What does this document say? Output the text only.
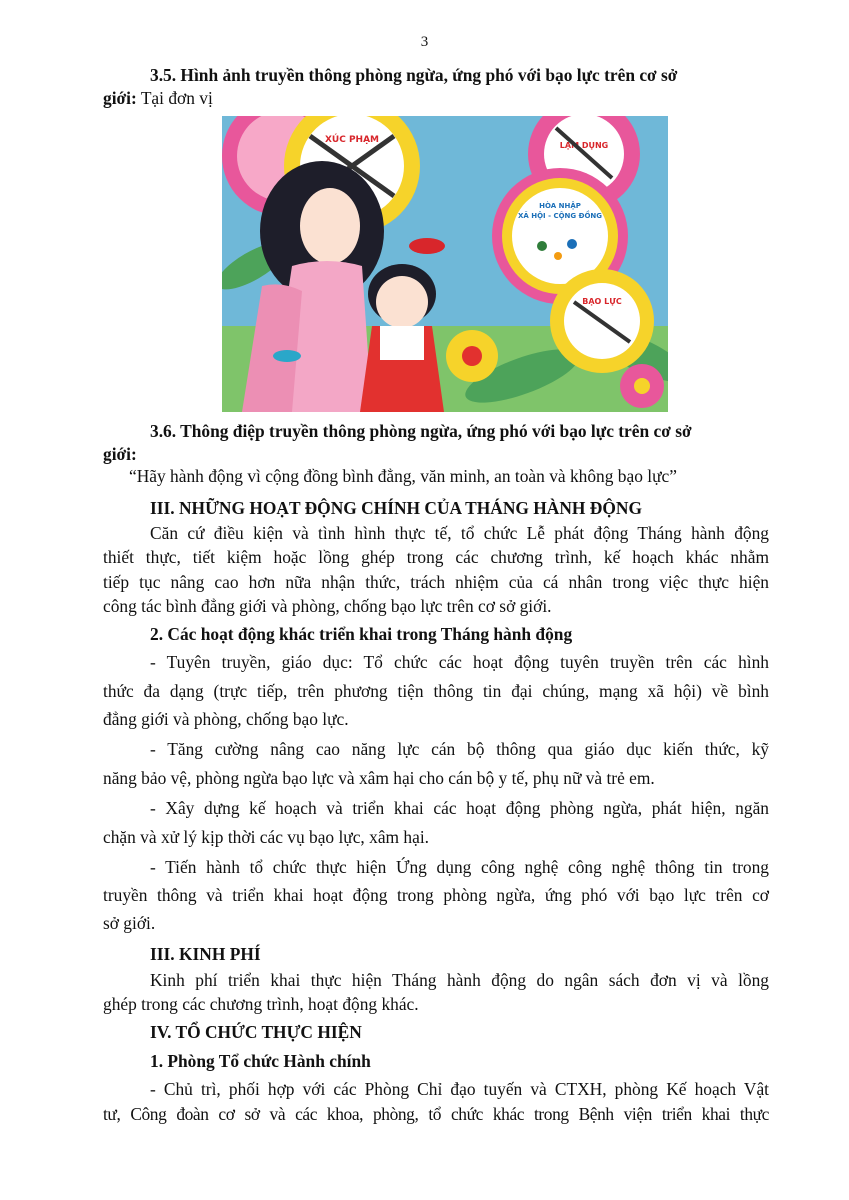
3
3.5. Hình ảnh truyền thông phòng ngừa, ứng phó với bạo lực trên cơ sở
giới: Tại đơn vị
XÚC PHẠM
LẠM DỤNG
HÒA NHẬP
XÃ HỘI - CỘNG ĐỒNG
BẠO LỰC
3.6. Thông điệp truyền thông phòng ngừa, ứng phó với bạo lực trên cơ sở
giới:
“Hãy hành động vì cộng đồng bình đẳng, văn minh, an toàn và không bạo lực”
III. NHỮNG HOẠT ĐỘNG CHÍNH CỦA THÁNG HÀNH ĐỘNG
Căn cứ điều kiện và tình hình thực tế, tổ chức Lễ phát động Tháng hành động
thiết thực, tiết kiệm hoặc lồng ghép trong các chương trình, kế hoạch khác nhằm
tiếp tục nâng cao hơn nữa nhận thức, trách nhiệm của cá nhân trong việc thực hiện
công tác bình đẳng giới và phòng, chống bạo lực trên cơ sở giới.
2. Các hoạt động khác triển khai trong Tháng hành động
- Tuyên truyền, giáo dục: Tổ chức các hoạt động tuyên truyền trên các hình
thức đa dạng (trực tiếp, trên phương tiện thông tin đại chúng, mạng xã hội) về bình
đẳng giới và phòng, chống bạo lực.
- Tăng cường nâng cao năng lực cán bộ thông qua giáo dục kiến thức, kỹ
năng bảo vệ, phòng ngừa bạo lực và xâm hại cho cán bộ y tế, phụ nữ và trẻ em.
- Xây dựng kế hoạch và triển khai các hoạt động phòng ngừa, phát hiện, ngăn
chặn và xử lý kịp thời các vụ bạo lực, xâm hại.
- Tiến hành tổ chức thực hiện Ứng dụng công nghệ công nghệ thông tin trong
truyền thông và triển khai hoạt động trong phòng ngừa, ứng phó với bạo lực trên cơ
sở giới.
III. KINH PHÍ
Kinh phí triển khai thực hiện Tháng hành động do ngân sách đơn vị và lồng
ghép trong các chương trình, hoạt động khác.
IV. TỔ CHỨC THỰC HIỆN
1. Phòng Tổ chức Hành chính
- Chủ trì, phối hợp với các Phòng Chỉ đạo tuyến và CTXH, phòng Kế hoạch Vật
tư, Công đoàn cơ sở và các khoa, phòng, tổ chức khác trong Bệnh viện triển khai thực
